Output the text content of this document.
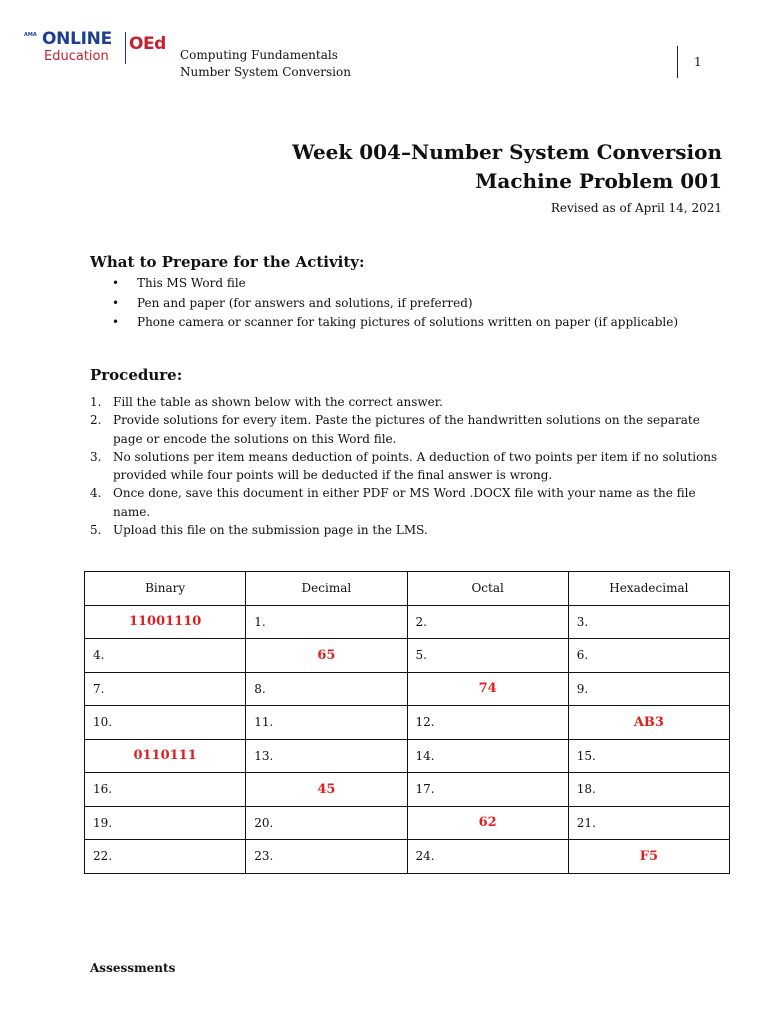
AMA ONLINE
Education
OEd
Computing Fundamentals
Number System Conversion
1
Week 004–Number System Conversion
Machine Problem 001
Revised as of April 14, 2021
What to Prepare for the Activity:
• This MS Word file
• Pen and paper (for answers and solutions, if preferred)
• Phone camera or scanner for taking pictures of solutions written on paper (if applicable)
Procedure:
1. Fill the table as shown below with the correct answer.
2. Provide solutions for every item. Paste the pictures of the handwritten solutions on the separate page or encode the solutions on this Word file.
3. No solutions per item means deduction of points. A deduction of two points per item if no solutions provided while four points will be deducted if the final answer is wrong.
4. Once done, save this document in either PDF or MS Word .DOCX file with your name as the file name.
5. Upload this file on the submission page in the LMS.
Binary	Decimal	Octal	Hexadecimal
11001110	1.	2.	3.
4.	65	5.	6.
7.	8.	74	9.
10.	11.	12.	AB3
0110111	13.	14.	15.
16.	45	17.	18.
19.	20.	62	21.
22.	23.	24.	F5
Assessments
